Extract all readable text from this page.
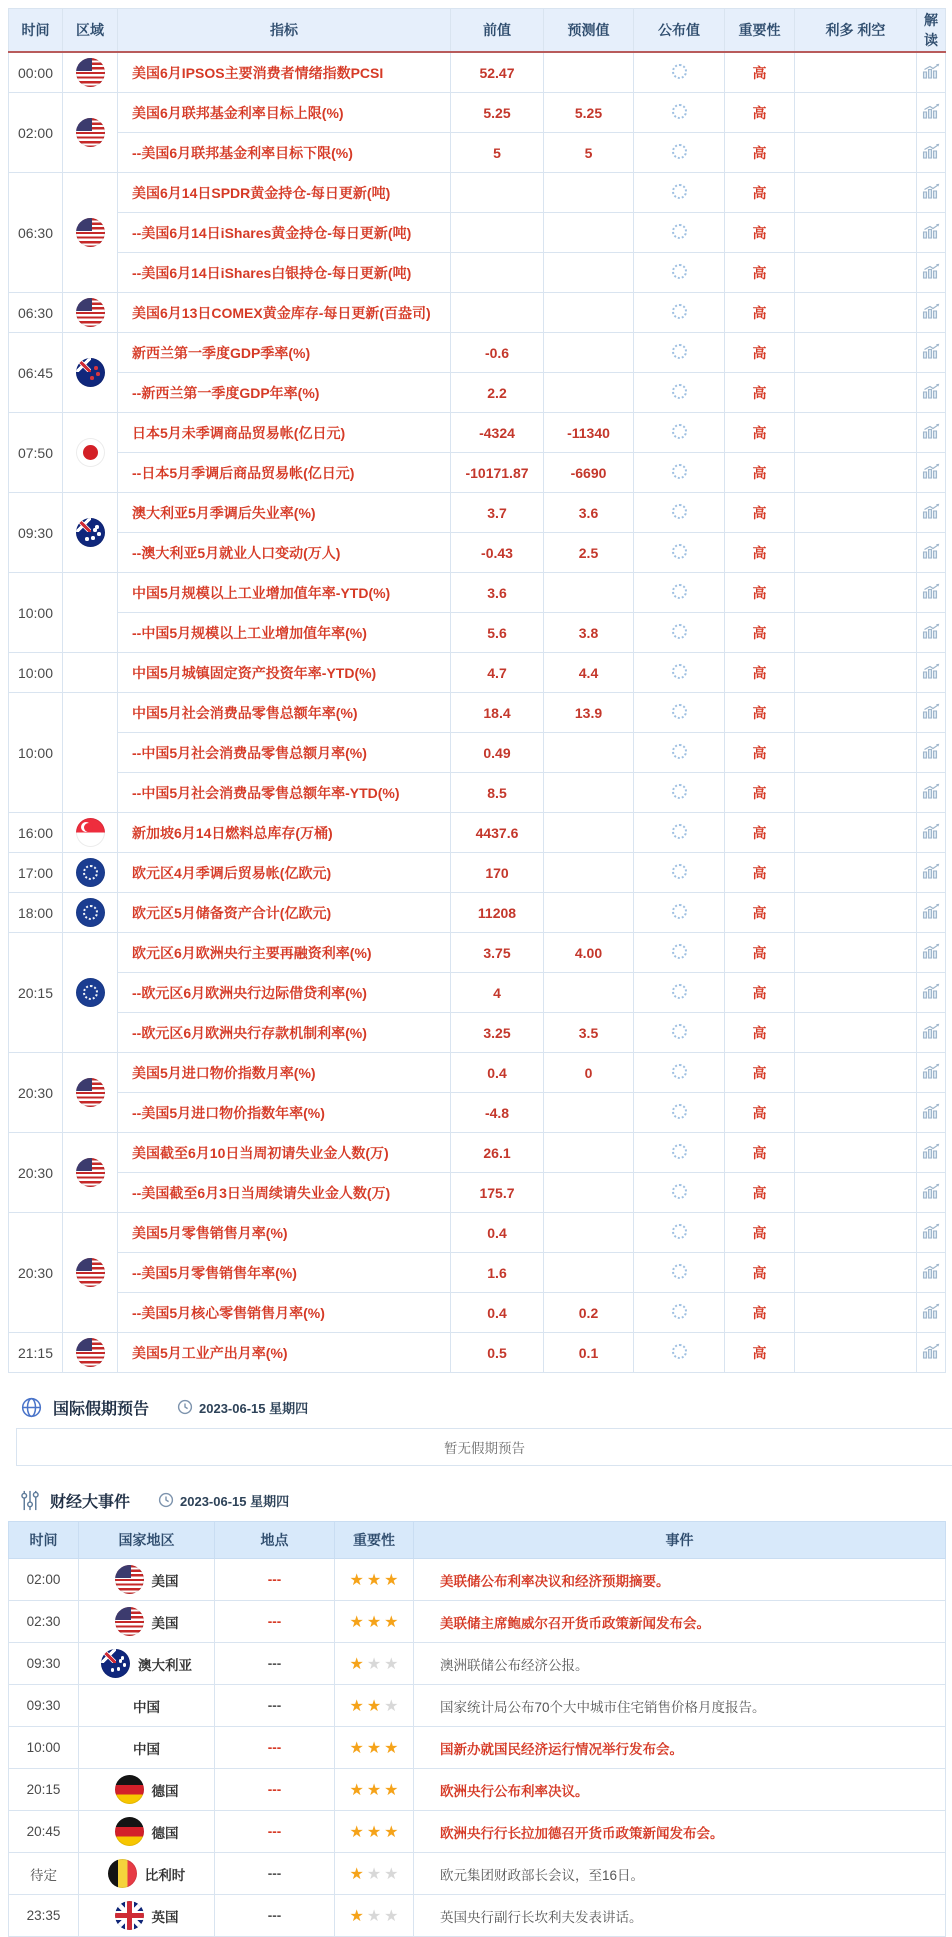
时间	区域	指标	前值	预测值	公布值	重要性	利多 利空	解读
00:00		美国6月IPSOS主要消费者情绪指数PCSI	52.47			高		
02:00		美国6月联邦基金利率目标上限(%)	5.25	5.25		高		
		--美国6月联邦基金利率目标下限(%)	5	5		高		
06:30		美国6月14日SPDR黄金持仓-每日更新(吨)				高		
		--美国6月14日iShares黄金持仓-每日更新(吨)				高		
		--美国6月14日iShares白银持仓-每日更新(吨)				高		
06:30		美国6月13日COMEX黄金库存-每日更新(百盎司)				高		
06:45		新西兰第一季度GDP季率(%)	-0.6			高		
		--新西兰第一季度GDP年率(%)	2.2			高		
07:50		日本5月未季调商品贸易帐(亿日元)	-4324	-11340		高		
		--日本5月季调后商品贸易帐(亿日元)	-10171.87	-6690		高		
09:30		澳大利亚5月季调后失业率(%)	3.7	3.6		高		
		--澳大利亚5月就业人口变动(万人)	-0.43	2.5		高		
10:00		中国5月规模以上工业增加值年率-YTD(%)	3.6			高		
		--中国5月规模以上工业增加值年率(%)	5.6	3.8		高		
10:00		中国5月城镇固定资产投资年率-YTD(%)	4.7	4.4		高		
10:00		中国5月社会消费品零售总额年率(%)	18.4	13.9		高		
		--中国5月社会消费品零售总额月率(%)	0.49			高		
		--中国5月社会消费品零售总额年率-YTD(%)	8.5			高		
16:00		新加坡6月14日燃料总库存(万桶)	4437.6			高		
17:00		欧元区4月季调后贸易帐(亿欧元)	170			高		
18:00		欧元区5月储备资产合计(亿欧元)	11208			高		
20:15		欧元区6月欧洲央行主要再融资利率(%)	3.75	4.00		高		
		--欧元区6月欧洲央行边际借贷利率(%)	4			高		
		--欧元区6月欧洲央行存款机制利率(%)	3.25	3.5		高		
20:30		美国5月进口物价指数月率(%)	0.4	0		高		
		--美国5月进口物价指数年率(%)	-4.8			高		
20:30		美国截至6月10日当周初请失业金人数(万)	26.1			高		
		--美国截至6月3日当周续请失业金人数(万)	175.7			高		
20:30		美国5月零售销售月率(%)	0.4			高		
		--美国5月零售销售年率(%)	1.6			高		
		--美国5月核心零售销售月率(%)	0.4	0.2		高		
21:15		美国5月工业产出月率(%)	0.5	0.1		高		
国际假期预告	2023-06-15 星期四
暂无假期预告
财经大事件	2023-06-15 星期四
时间	国家地区	地点	重要性	事件
02:00	美国	---	★ ★ ★	美联储公布利率决议和经济预期摘要。
02:30	美国	---	★ ★ ★	美联储主席鲍威尔召开货币政策新闻发布会。
09:30	澳大利亚	---	★ ★ ★	澳洲联储公布经济公报。
09:30	中国	---	★ ★ ★	国家统计局公布70个大中城市住宅销售价格月度报告。
10:00	中国	---	★ ★ ★	国新办就国民经济运行情况举行发布会。
20:15	德国	---	★ ★ ★	欧洲央行公布利率决议。
20:45	德国	---	★ ★ ★	欧洲央行行长拉加德召开货币政策新闻发布会。
待定	比利时	---	★ ★ ★	欧元集团财政部长会议，至16日。
23:35	英国	---	★ ★ ★	英国央行副行长坎利夫发表讲话。
